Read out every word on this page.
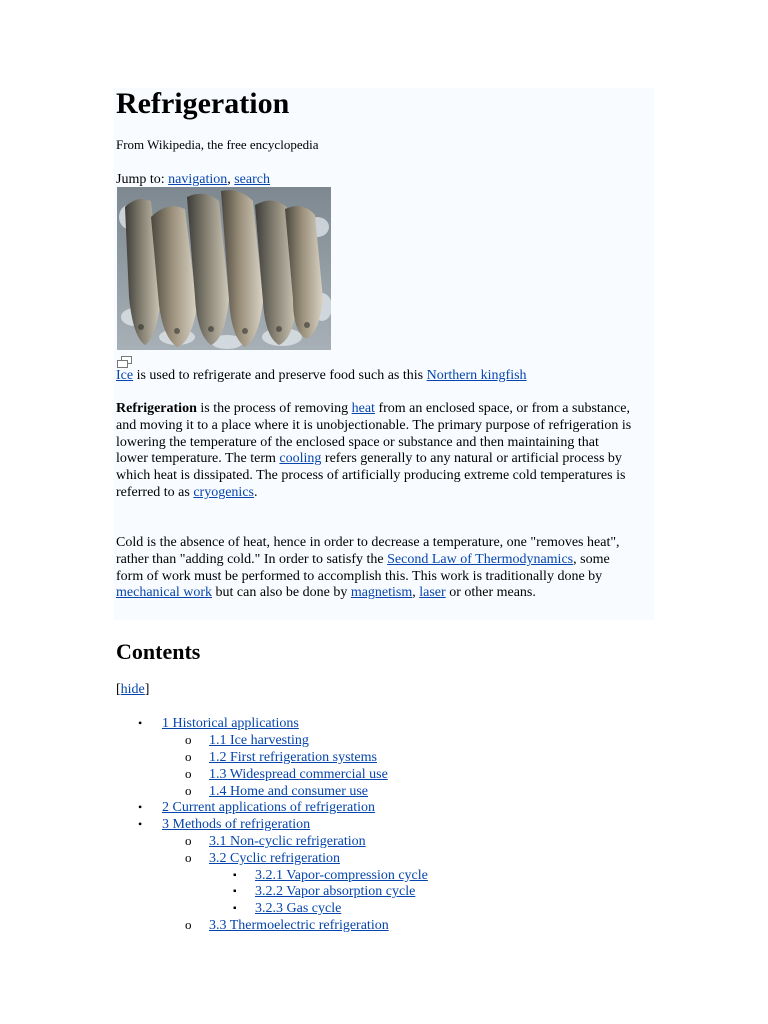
Refrigeration
From Wikipedia, the free encyclopedia
Jump to: navigation, search
Ice is used to refrigerate and preserve food such as this Northern kingfish

Refrigeration is the process of removing heat from an enclosed space, or from a substance, and moving it to a place where it is unobjectionable. The primary purpose of refrigeration is lowering the temperature of the enclosed space or substance and then maintaining that lower temperature. The term cooling refers generally to any natural or artificial process by which heat is dissipated. The process of artificially producing extreme cold temperatures is referred to as cryogenics.

Cold is the absence of heat, hence in order to decrease a temperature, one "removes heat", rather than "adding cold." In order to satisfy the Second Law of Thermodynamics, some form of work must be performed to accomplish this. This work is traditionally done by mechanical work but can also be done by magnetism, laser or other means.

Contents
[hide]
• 1 Historical applications
o 1.1 Ice harvesting
o 1.2 First refrigeration systems
o 1.3 Widespread commercial use
o 1.4 Home and consumer use
• 2 Current applications of refrigeration
• 3 Methods of refrigeration
o 3.1 Non-cyclic refrigeration
o 3.2 Cyclic refrigeration
▪ 3.2.1 Vapor-compression cycle
▪ 3.2.2 Vapor absorption cycle
▪ 3.2.3 Gas cycle
o 3.3 Thermoelectric refrigeration
